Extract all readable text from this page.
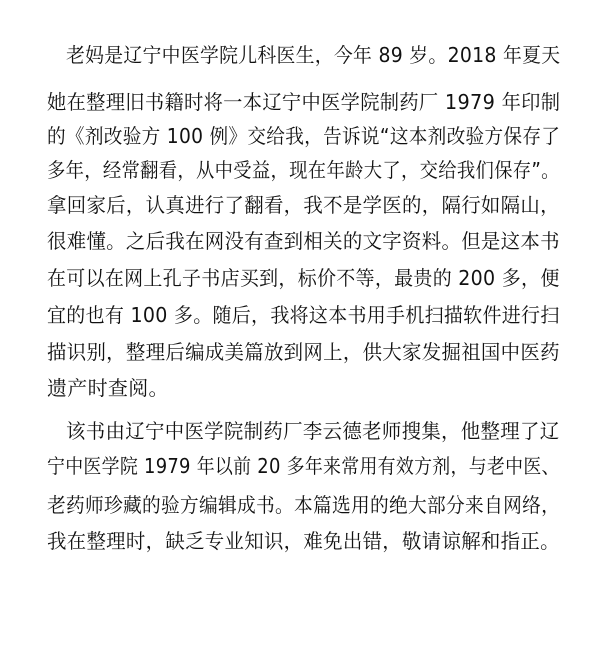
老妈是辽宁中医学院儿科医生，今年 89 岁。2018 年夏天
她在整理旧书籍时将一本辽宁中医学院制药厂 1979 年印制
的《剂改验方 100 例》交给我，告诉说“这本剂改验方保存了
多年，经常翻看，从中受益，现在年龄大了，交给我们保存”。
拿回家后，认真进行了翻看，我不是学医的，隔行如隔山，
很难懂。之后我在网没有查到相关的文字资料。但是这本书
在可以在网上孔子书店买到，标价不等，最贵的 200 多，便
宜的也有 100 多。随后，我将这本书用手机扫描软件进行扫
描识别，整理后编成美篇放到网上，供大家发掘祖国中医药
遗产时查阅。
该书由辽宁中医学院制药厂李云德老师搜集，他整理了辽
宁中医学院 1979 年以前 20 多年来常用有效方剂，与老中医、
老药师珍藏的验方编辑成书。本篇选用的绝大部分来自网络，
我在整理时，缺乏专业知识，难免出错，敬请谅解和指正。
